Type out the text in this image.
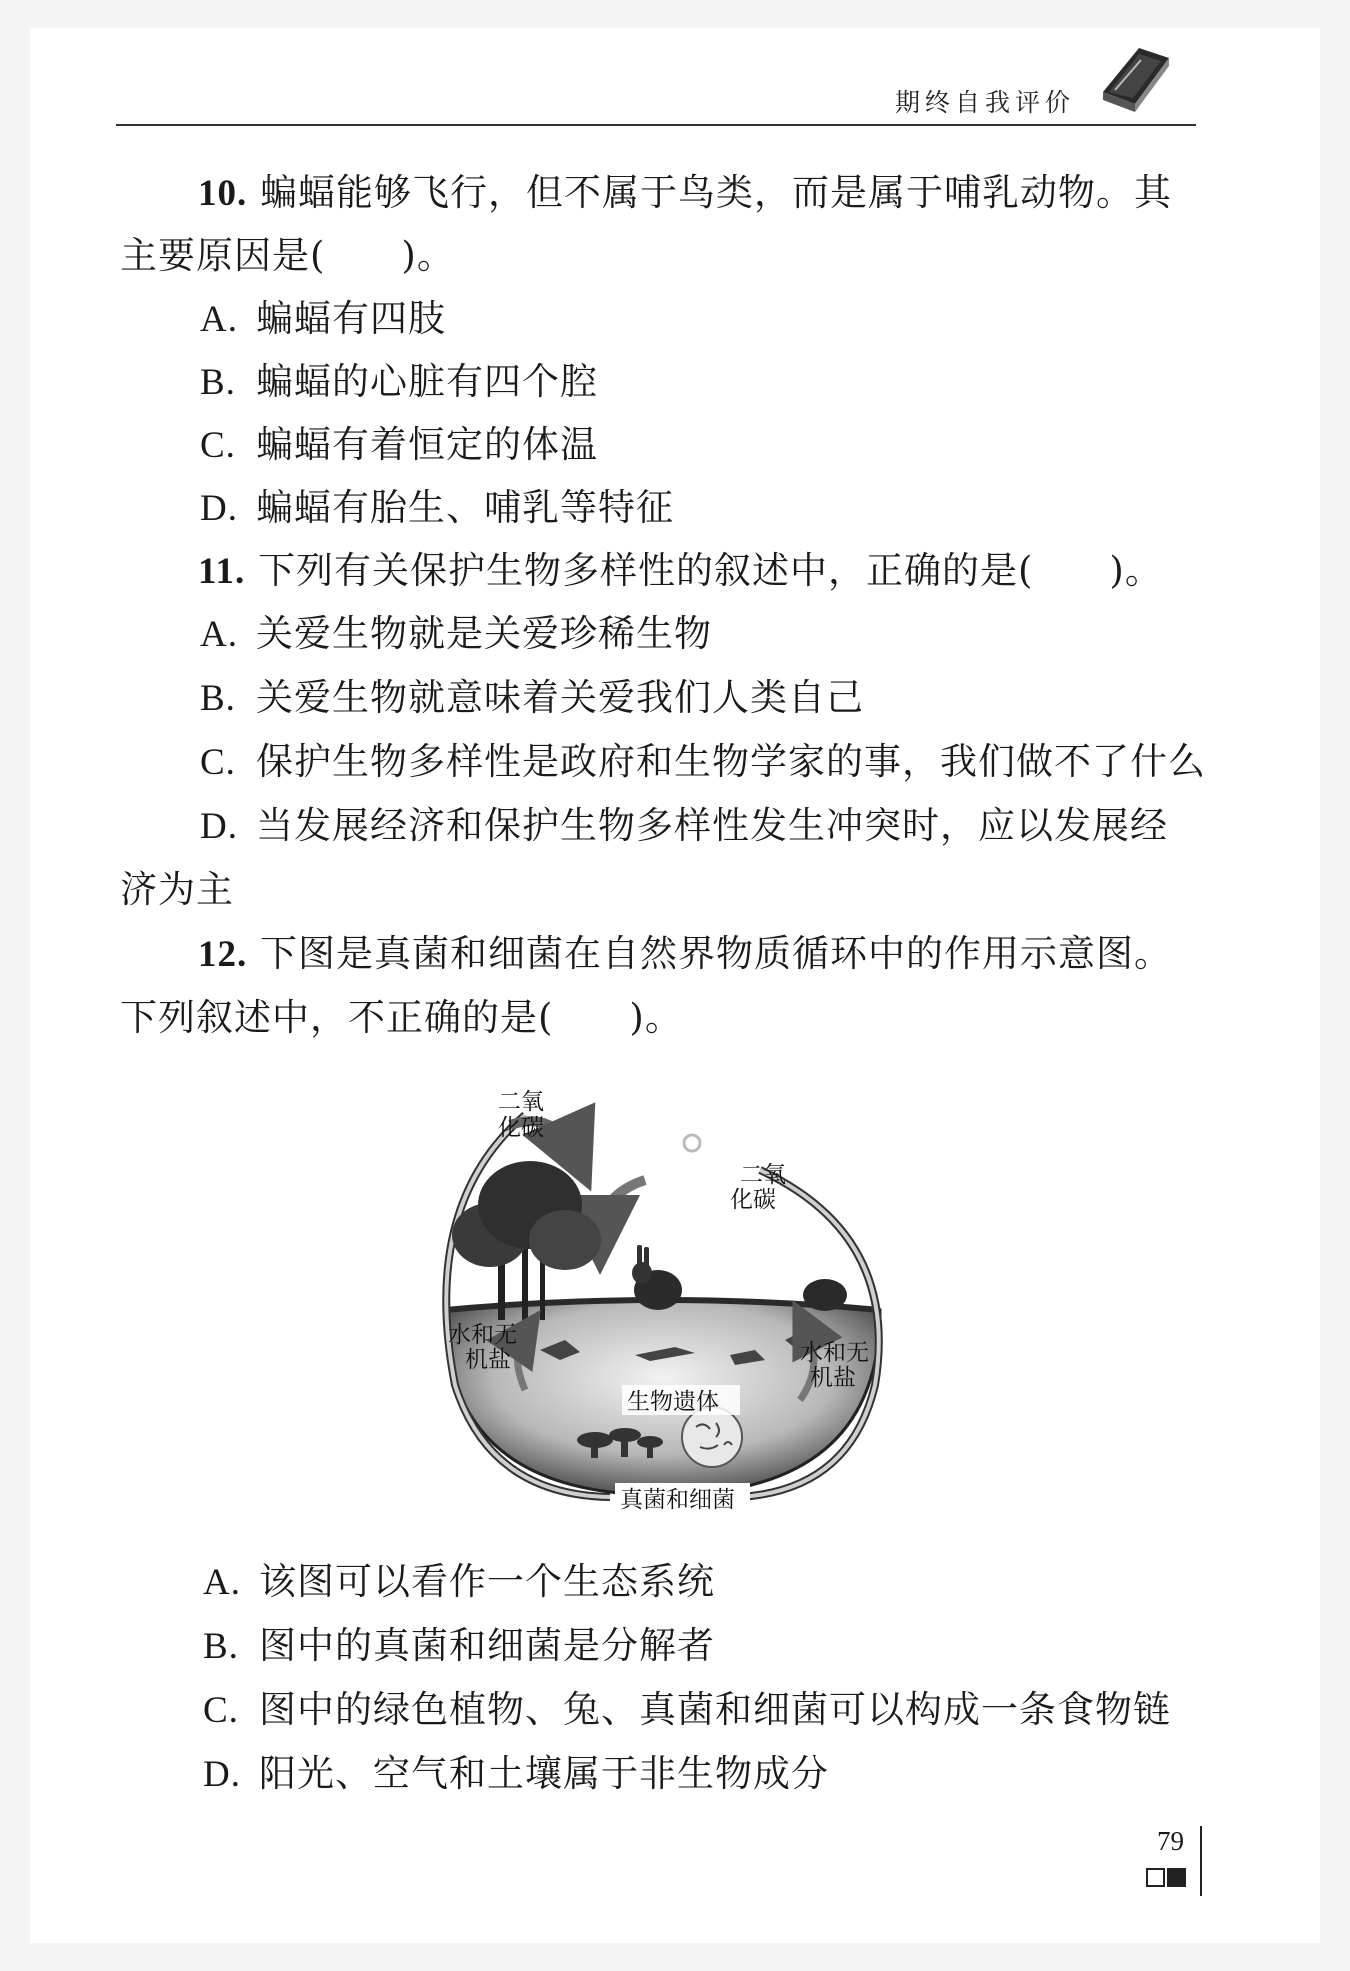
期终自我评价
10. 蝙蝠能够飞行，但不属于鸟类，而是属于哺乳动物。其
主要原因是(　　)。
A. 蝙蝠有四肢
B. 蝙蝠的心脏有四个腔
C. 蝙蝠有着恒定的体温
D. 蝙蝠有胎生、哺乳等特征
11. 下列有关保护生物多样性的叙述中，正确的是(　　)。
A. 关爱生物就是关爱珍稀生物
B. 关爱生物就意味着关爱我们人类自己
C. 保护生物多样性是政府和生物学家的事，我们做不了什么
D. 当发展经济和保护生物多样性发生冲突时，应以发展经
济为主
12. 下图是真菌和细菌在自然界物质循环中的作用示意图。
下列叙述中，不正确的是(　　)。
二氧
化碳
二氧
化碳
水和无
机盐	水和无
机盐
生物遗体
真菌和细菌
A. 该图可以看作一个生态系统
B. 图中的真菌和细菌是分解者
C. 图中的绿色植物、兔、真菌和细菌可以构成一条食物链
D. 阳光、空气和土壤属于非生物成分
79
